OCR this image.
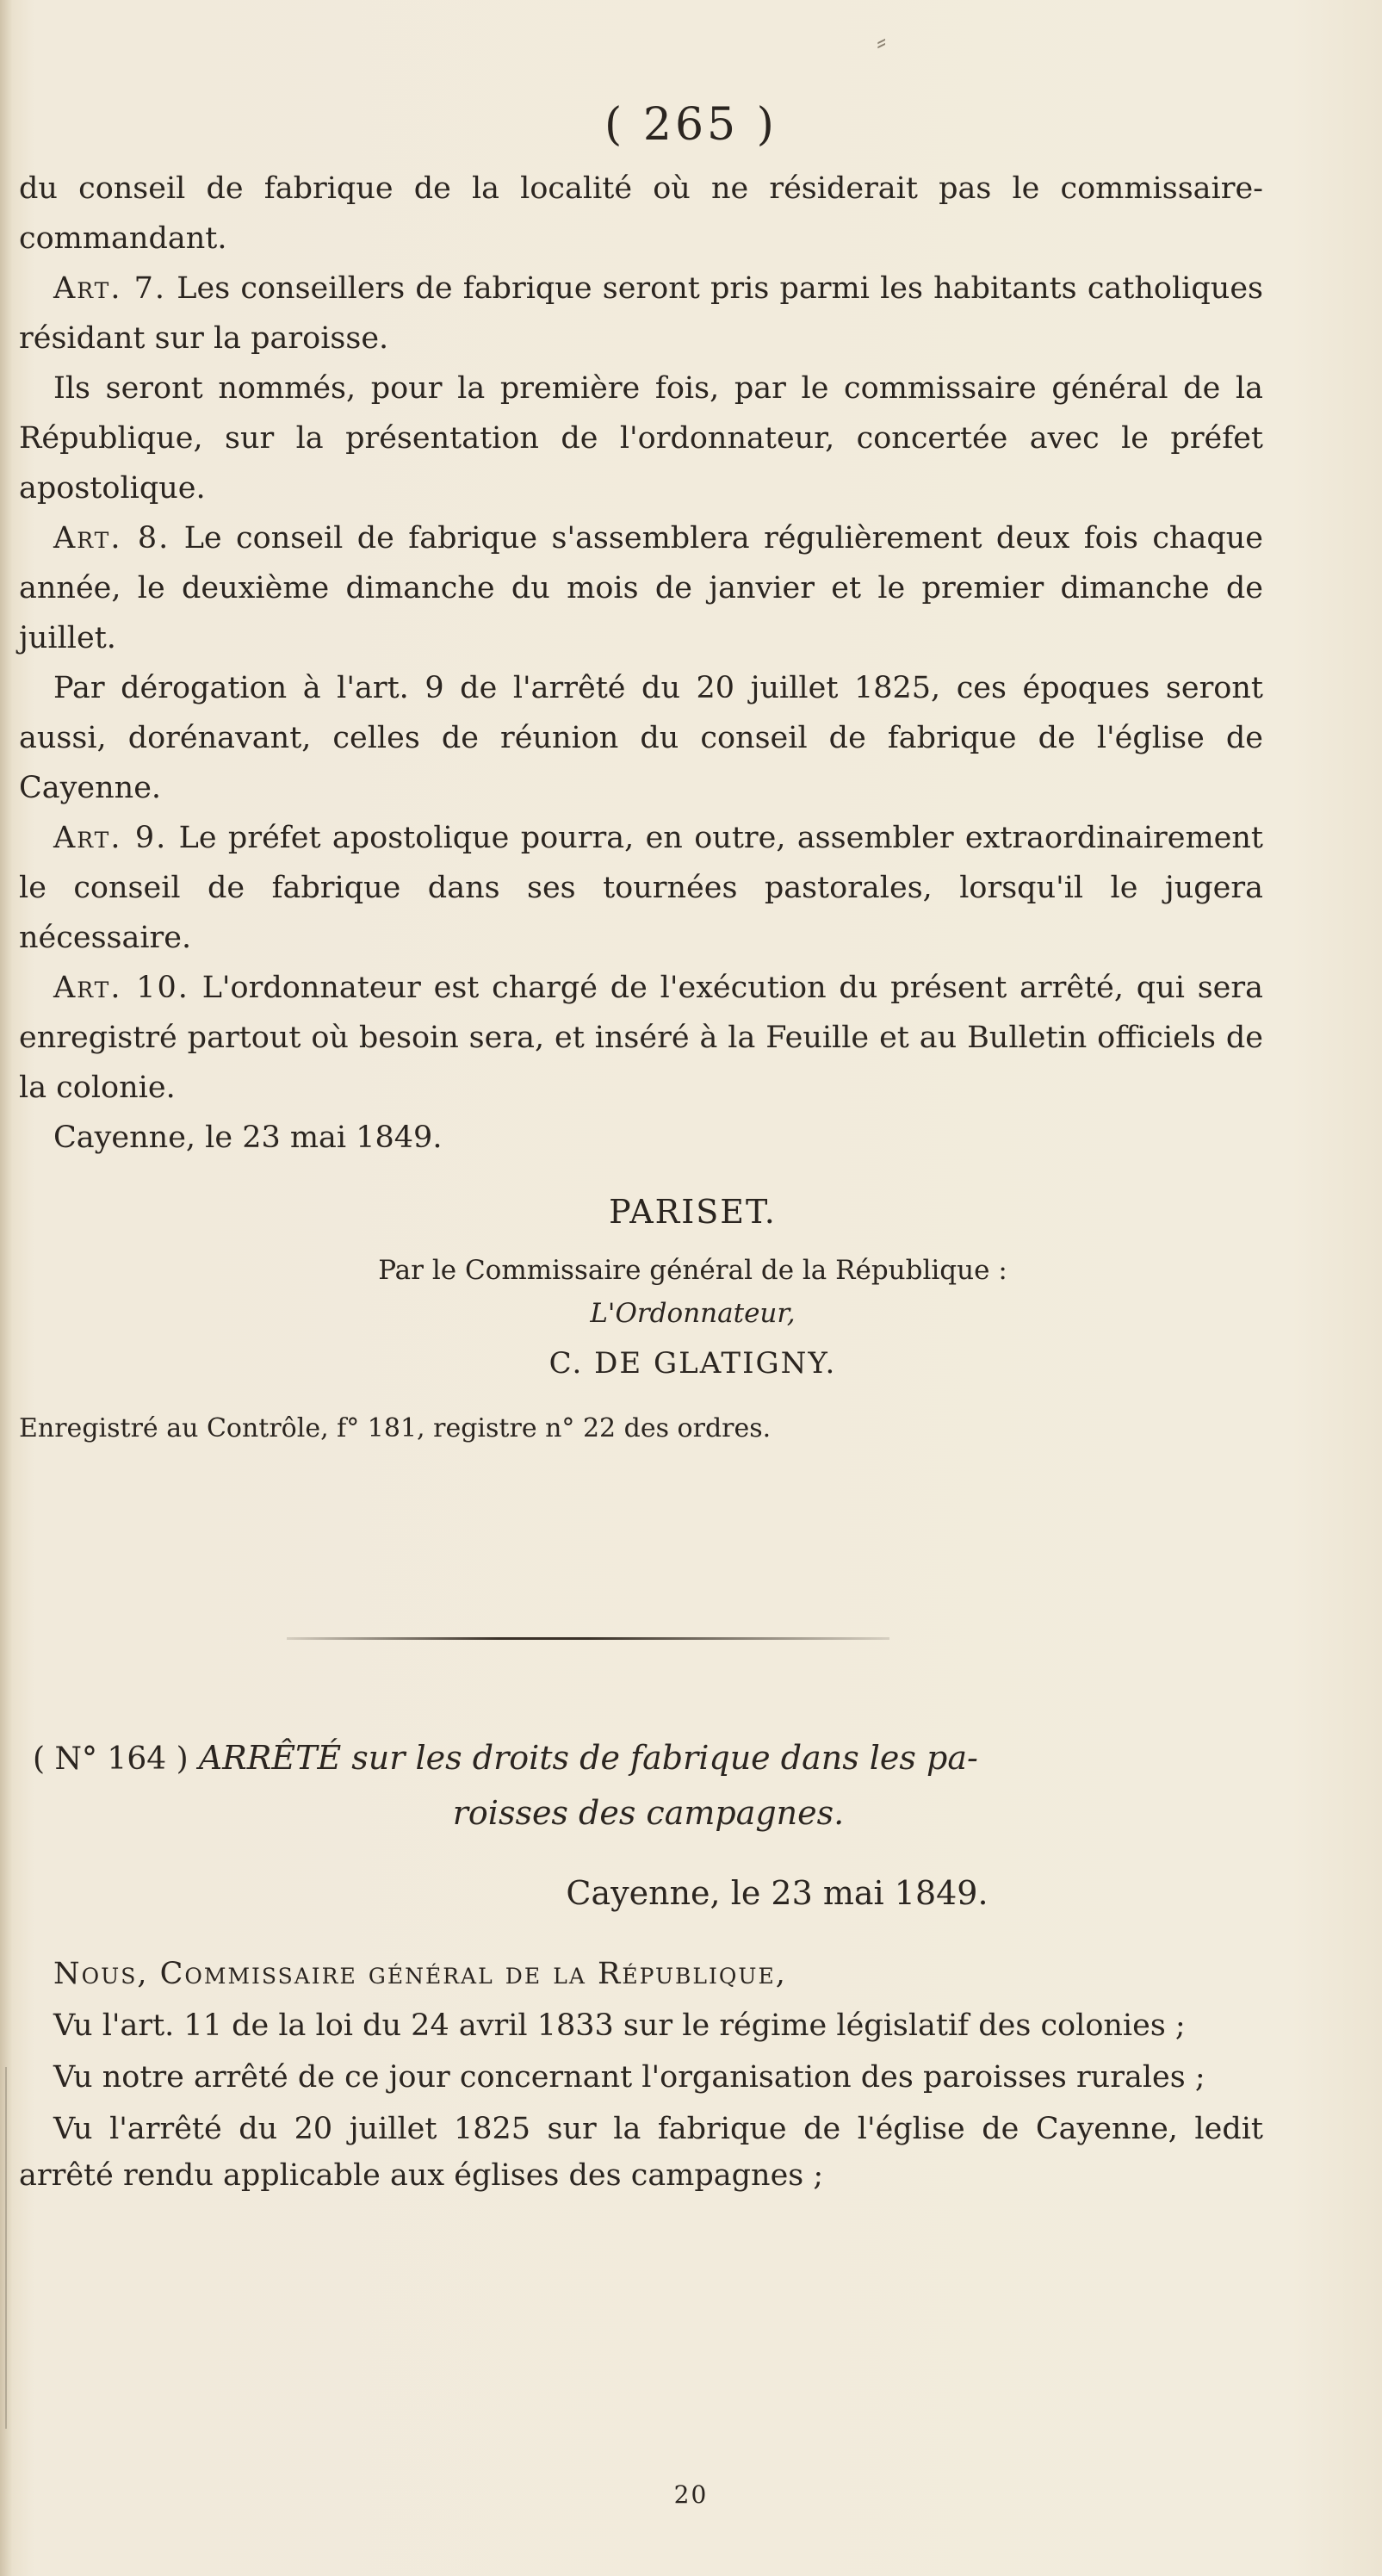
⸗
( 265 )

du conseil de fabrique de la localité où ne résiderait pas le commissaire-commandant.

Art. 7. Les conseillers de fabrique seront pris parmi les habitants catholiques résidant sur la paroisse.

Ils seront nommés, pour la première fois, par le commissaire général de la République, sur la présentation de l'ordonnateur, concertée avec le préfet apostolique.

Art. 8. Le conseil de fabrique s'assemblera régulièrement deux fois chaque année, le deuxième dimanche du mois de janvier et le premier dimanche de juillet.

Par dérogation à l'art. 9 de l'arrêté du 20 juillet 1825, ces époques seront aussi, dorénavant, celles de réunion du conseil de fabrique de l'église de Cayenne.

Art. 9. Le préfet apostolique pourra, en outre, assembler extraordinairement le conseil de fabrique dans ses tournées pastorales, lorsqu'il le jugera nécessaire.

Art. 10. L'ordonnateur est chargé de l'exécution du présent arrêté, qui sera enregistré partout où besoin sera, et inséré à la Feuille et au Bulletin officiels de la colonie.

Cayenne, le 23 mai 1849.

PARISET.
Par le Commissaire général de la République :
L'Ordonnateur,
C. DE GLATIGNY.
Enregistré au Contrôle, f° 181, registre n° 22 des ordres.
( N° 164 ) ARRÊTÉ sur les droits de fabrique dans les pa-
roisses des campagnes.
Cayenne, le 23 mai 1849.

Nous, Commissaire général de la République,

Vu l'art. 11 de la loi du 24 avril 1833 sur le régime législatif des colonies ;

Vu notre arrêté de ce jour concernant l'organisation des paroisses rurales ;

Vu l'arrêté du 20 juillet 1825 sur la fabrique de l'église de Cayenne, ledit arrêté rendu applicable aux églises des campagnes ;

20
